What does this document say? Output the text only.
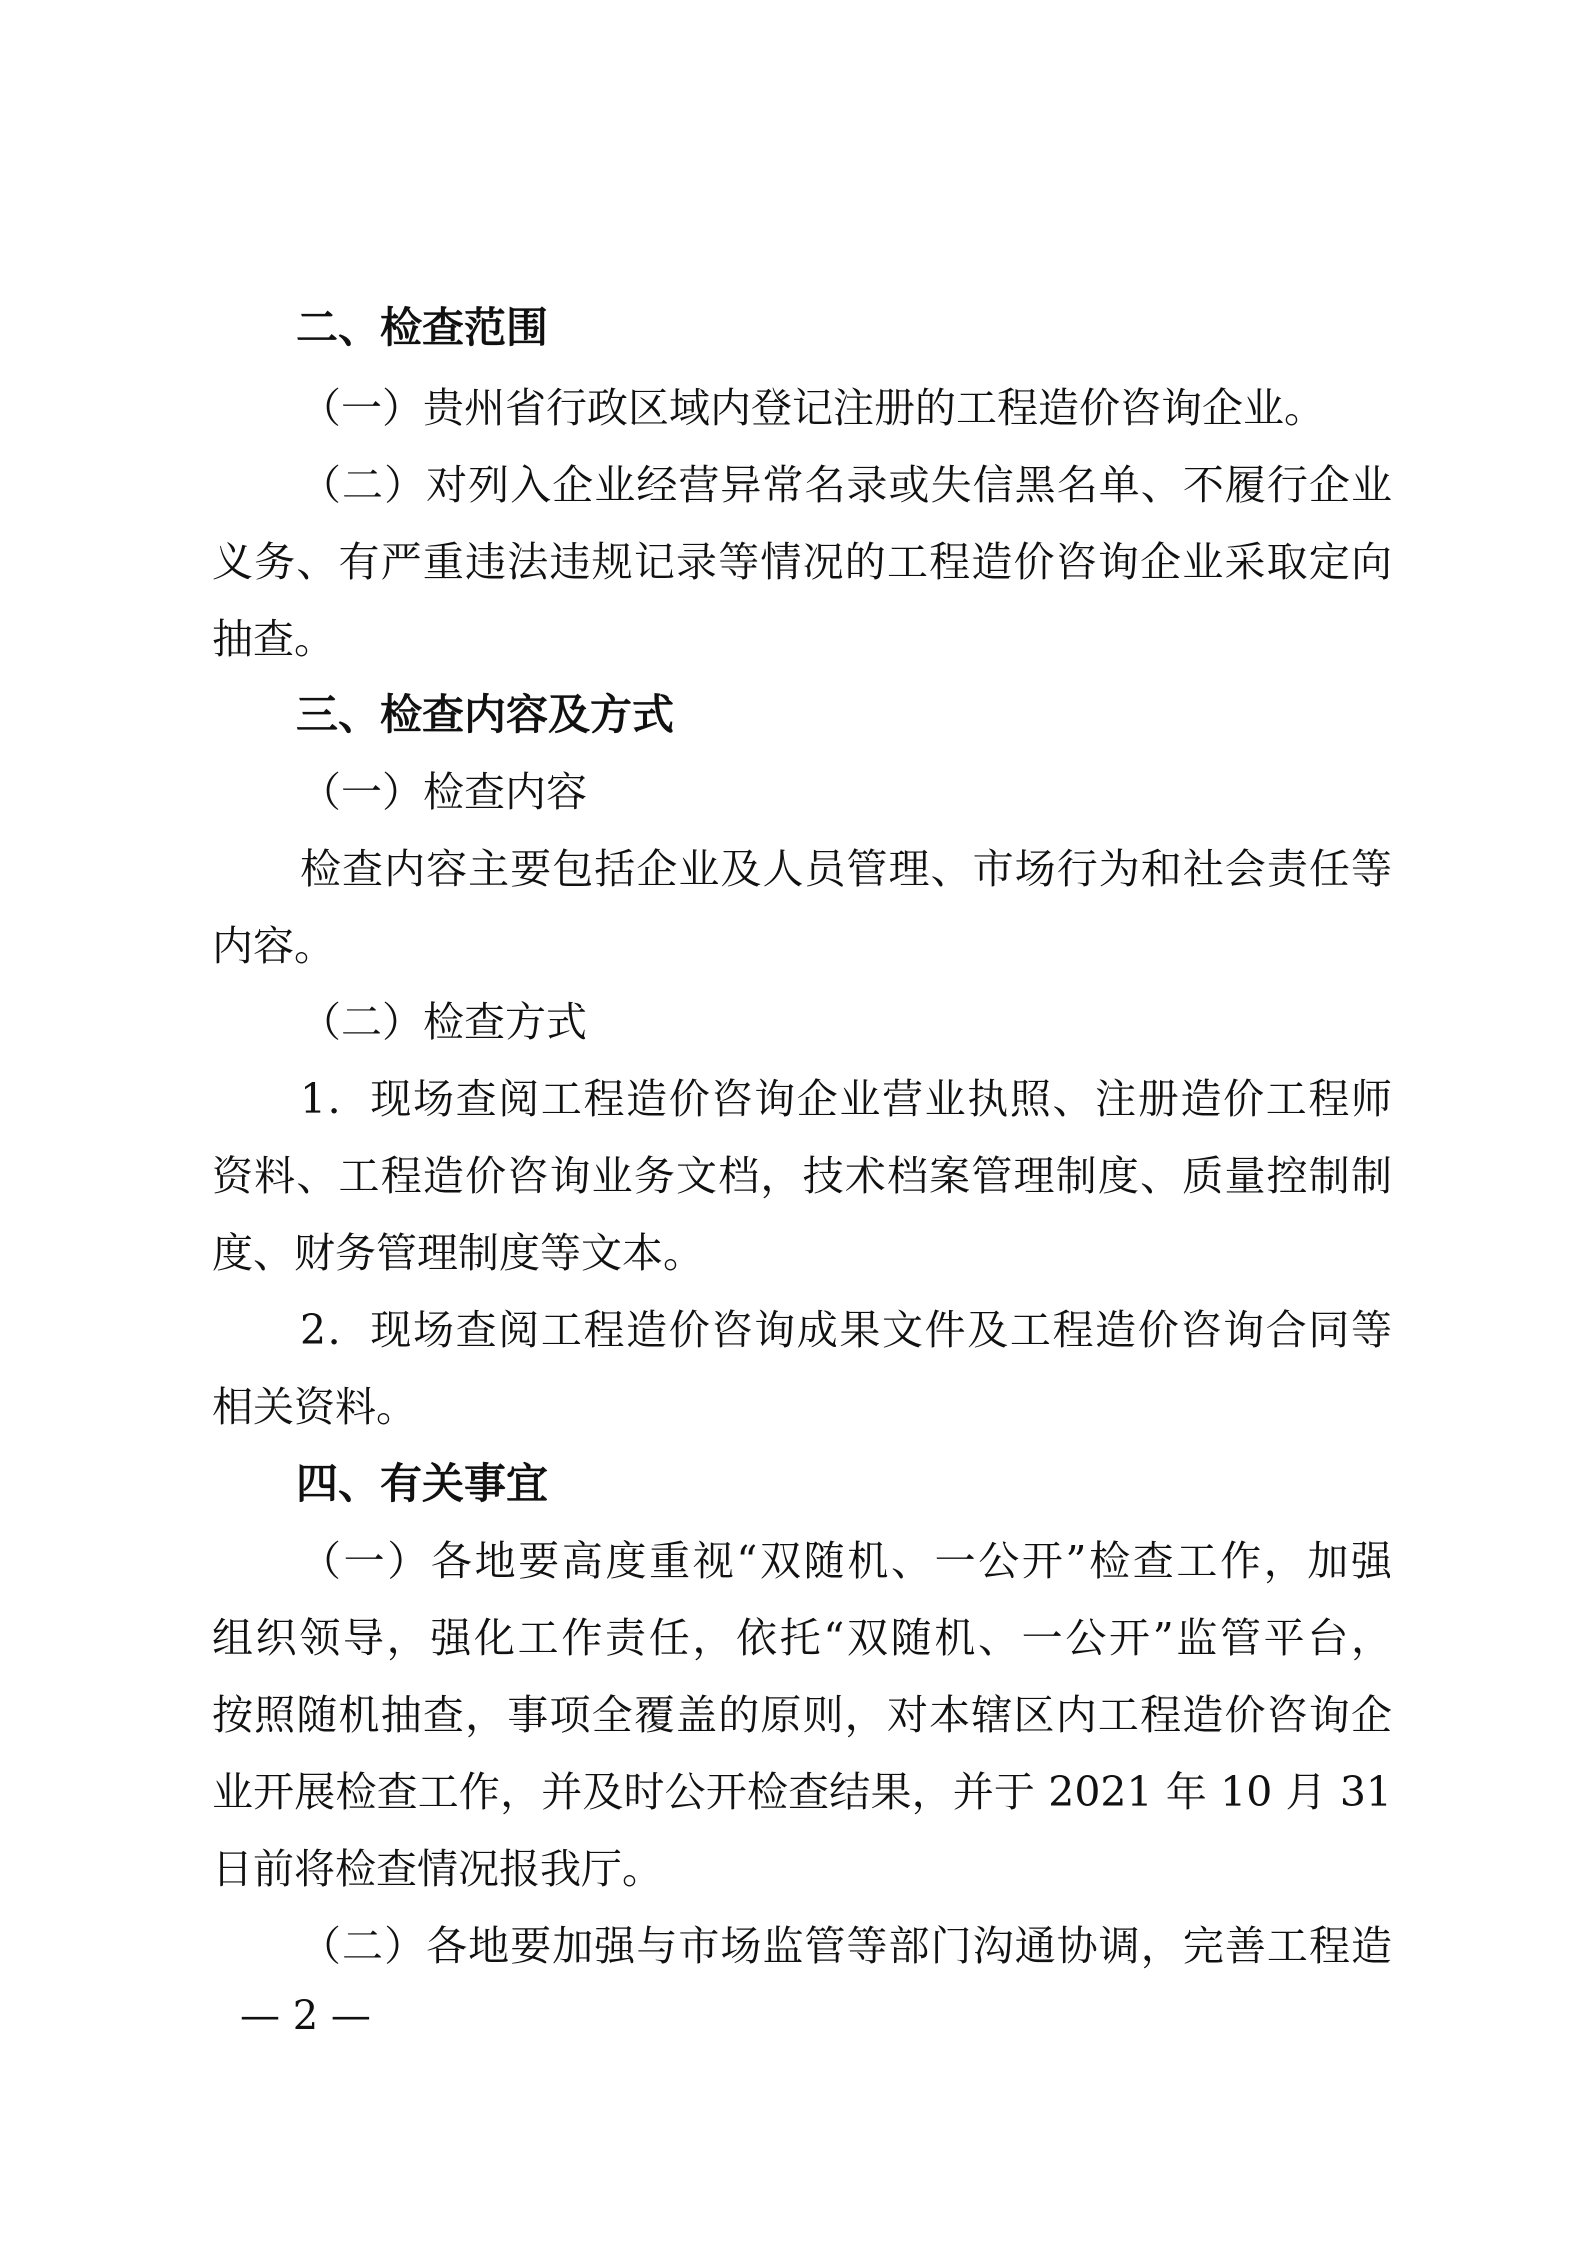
二、检查范围
（一）贵州省行政区域内登记注册的工程造价咨询企业。
（二）对列入企业经营异常名录或失信黑名单、不履行企业
义务、有严重违法违规记录等情况的工程造价咨询企业采取定向
抽查。
三、检查内容及方式
（一）检查内容
检查内容主要包括企业及人员管理、市场行为和社会责任等
内容。
（二）检查方式
1．现场查阅工程造价咨询企业营业执照、注册造价工程师
资料、工程造价咨询业务文档，技术档案管理制度、质量控制制
度、财务管理制度等文本。
2．现场查阅工程造价咨询成果文件及工程造价咨询合同等
相关资料。
四、有关事宜
（一）各地要高度重视“双随机、一公开”检查工作，加强
组织领导，强化工作责任，依托“双随机、一公开”监管平台，
按照随机抽查，事项全覆盖的原则，对本辖区内工程造价咨询企
业开展检查工作，并及时公开检查结果，并于 2021 年 10 月 31
日前将检查情况报我厅。
（二）各地要加强与市场监管等部门沟通协调，完善工程造
— 2 —
